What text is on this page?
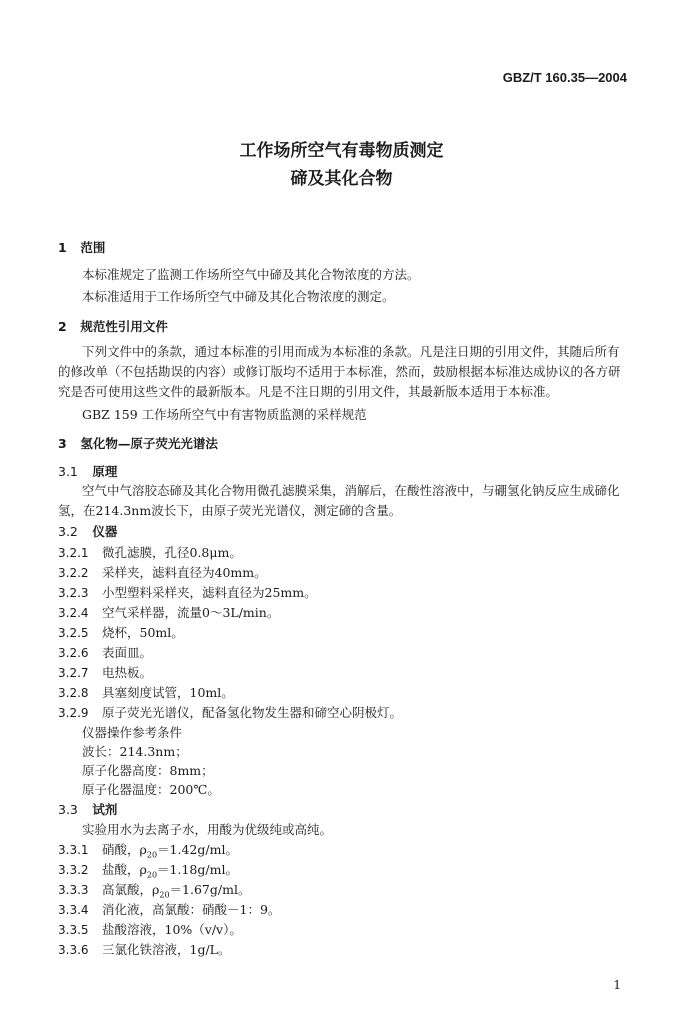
GBZ/T 160.35—2004
工作场所空气有毒物质测定
碲及其化合物
1 范围
本标准规定了监测工作场所空气中碲及其化合物浓度的方法。
本标准适用于工作场所空气中碲及其化合物浓度的测定。
2 规范性引用文件
下列文件中的条款，通过本标准的引用而成为本标准的条款。凡是注日期的引用文件，其随后所有的修改单（不包括勘误的内容）或修订版均不适用于本标准，然而，鼓励根据本标准达成协议的各方研究是否可使用这些文件的最新版本。凡是不注日期的引用文件，其最新版本适用于本标准。
GBZ 159 工作场所空气中有害物质监测的采样规范
3 氢化物—原子荧光光谱法
3.1 原理
空气中气溶胶态碲及其化合物用微孔滤膜采集，消解后，在酸性溶液中，与硼氢化钠反应生成碲化氢，在214.3nm波长下，由原子荧光光谱仪，测定碲的含量。
3.2 仪器
3.2.1 微孔滤膜，孔径0.8μm。
3.2.2 采样夹，滤料直径为40mm。
3.2.3 小型塑料采样夹，滤料直径为25mm。
3.2.4 空气采样器，流量0～3L/min。
3.2.5 烧杯，50ml。
3.2.6 表面皿。
3.2.7 电热板。
3.2.8 具塞刻度试管，10ml。
3.2.9 原子荧光光谱仪，配备氢化物发生器和碲空心阴极灯。
仪器操作参考条件
波长：214.3nm；
原子化器高度：8mm；
原子化器温度：200℃。
3.3 试剂
实验用水为去离子水，用酸为优级纯或高纯。
3.3.1 硝酸，$\rho_{20}=1.42g/ml$。
3.3.2 盐酸，$\rho_{20}=1.18g/ml$。
3.3.3 高氯酸，$\rho_{20}=1.67g/ml$。
3.3.4 消化液，高氯酸：硝酸－1：9。
3.3.5 盐酸溶液，10%（v/v）。
3.3.6 三氯化铁溶液，1g/L。
1
